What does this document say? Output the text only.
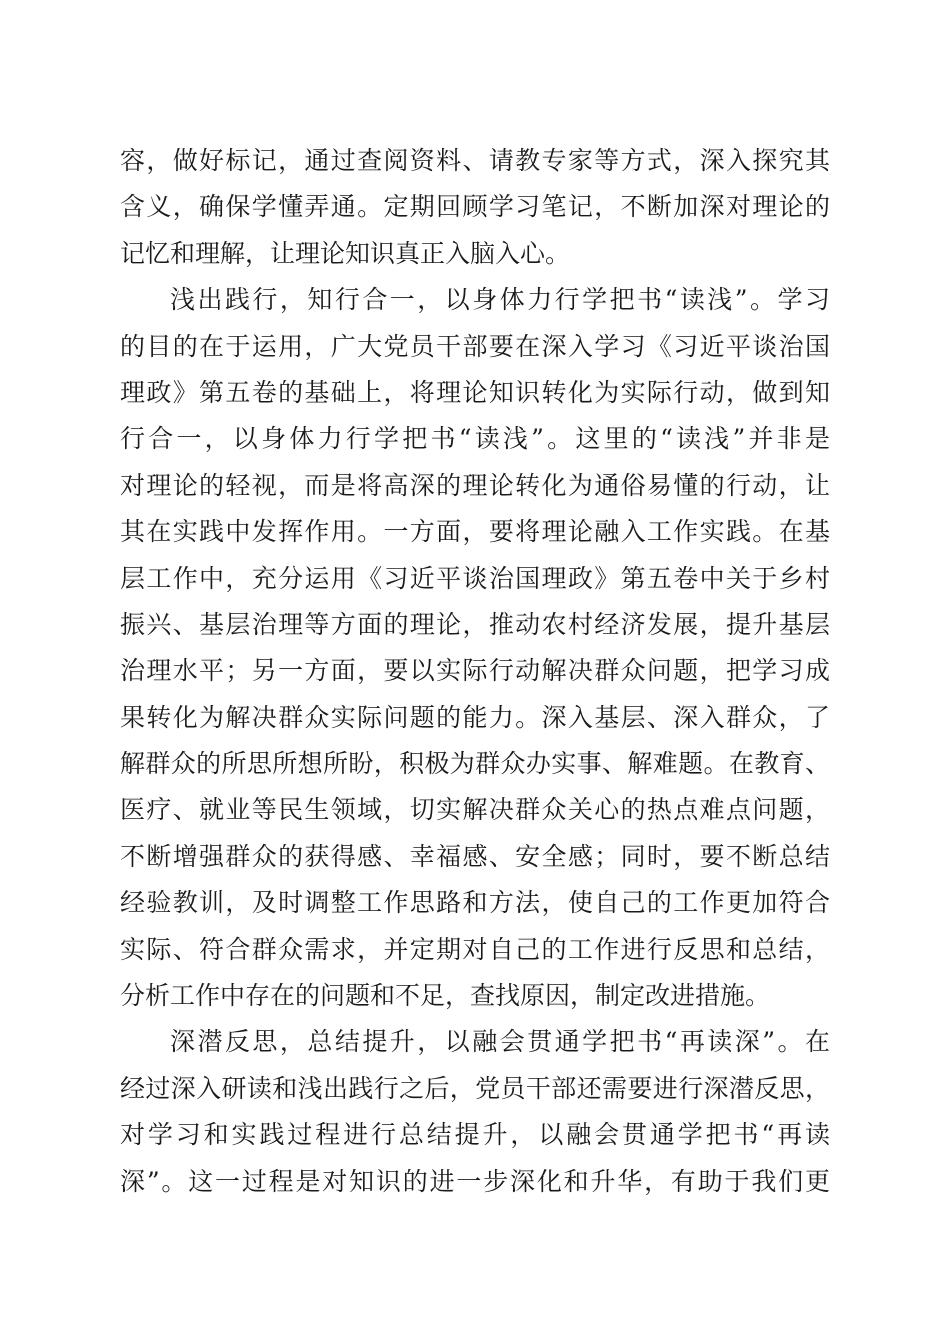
容，做好标记，通过查阅资料、请教专家等方式，深入探究其
含义，确保学懂弄通。定期回顾学习笔记，不断加深对理论的
记忆和理解，让理论知识真正入脑入心。
浅出践行，知行合一，以身体力行学把书“读浅”。学习
的目的在于运用，广大党员干部要在深入学习《习近平谈治国
理政》第五卷的基础上，将理论知识转化为实际行动，做到知
行合一，以身体力行学把书“读浅”。这里的“读浅”并非是
对理论的轻视，而是将高深的理论转化为通俗易懂的行动，让
其在实践中发挥作用。一方面，要将理论融入工作实践。在基
层工作中，充分运用《习近平谈治国理政》第五卷中关于乡村
振兴、基层治理等方面的理论，推动农村经济发展，提升基层
治理水平；另一方面，要以实际行动解决群众问题，把学习成
果转化为解决群众实际问题的能力。深入基层、深入群众，了
解群众的所思所想所盼，积极为群众办实事、解难题。在教育、
医疗、就业等民生领域，切实解决群众关心的热点难点问题，
不断增强群众的获得感、幸福感、安全感；同时，要不断总结
经验教训，及时调整工作思路和方法，使自己的工作更加符合
实际、符合群众需求，并定期对自己的工作进行反思和总结，
分析工作中存在的问题和不足，查找原因，制定改进措施。
深潜反思，总结提升，以融会贯通学把书“再读深”。在
经过深入研读和浅出践行之后，党员干部还需要进行深潜反思，
对学习和实践过程进行总结提升，以融会贯通学把书“再读
深”。这一过程是对知识的进一步深化和升华，有助于我们更
